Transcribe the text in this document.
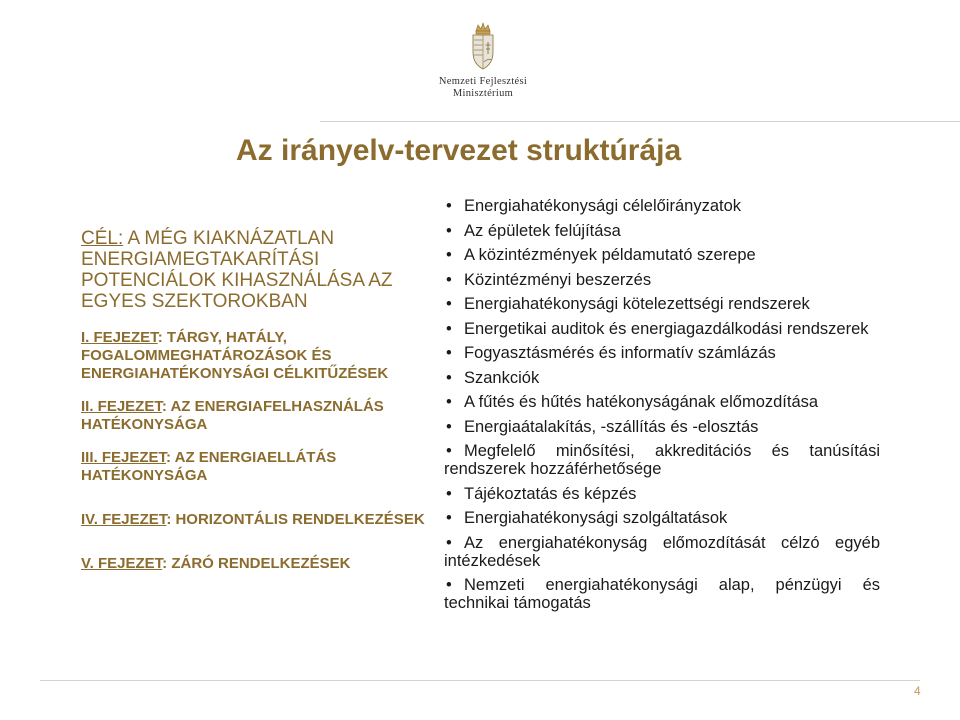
Nemzeti Fejlesztési
Minisztérium
Az irányelv-tervezet struktúrája
CÉL: A MÉG KIAKNÁZATLAN ENERGIAMEGTAKARÍTÁSI POTENCIÁLOK KIHASZNÁLÁSA AZ EGYES SZEKTOROKBAN
I. FEJEZET: TÁRGY, HATÁLY, FOGALOMMEGHATÁROZÁSOK ÉS ENERGIAHATÉKONYSÁGI CÉLKITŰZÉSEK
II. FEJEZET: AZ ENERGIAFELHASZNÁLÁS HATÉKONYSÁGA
III. FEJEZET: AZ ENERGIAELLÁTÁS HATÉKONYSÁGA
IV. FEJEZET: HORIZONTÁLIS RENDELKEZÉSEK
V. FEJEZET: ZÁRÓ RENDELKEZÉSEK
• Energiahatékonysági célelőirányzatok
• Az épületek felújítása
• A közintézmények példamutató szerepe
• Közintézményi beszerzés
• Energiahatékonysági kötelezettségi rendszerek
• Energetikai auditok és energiagazdálkodási rendszerek
• Fogyasztásmérés és informatív számlázás
• Szankciók
• A fűtés és hűtés hatékonyságának előmozdítása
• Energiaátalakítás, -szállítás és -elosztás
• Megfelelő minősítési, akkreditációs és tanúsítási rendszerek hozzáférhetősége
• Tájékoztatás és képzés
• Energiahatékonysági szolgáltatások
• Az energiahatékonyság előmozdítását célzó egyéb intézkedések
• Nemzeti energiahatékonysági alap, pénzügyi és technikai támogatás
4
